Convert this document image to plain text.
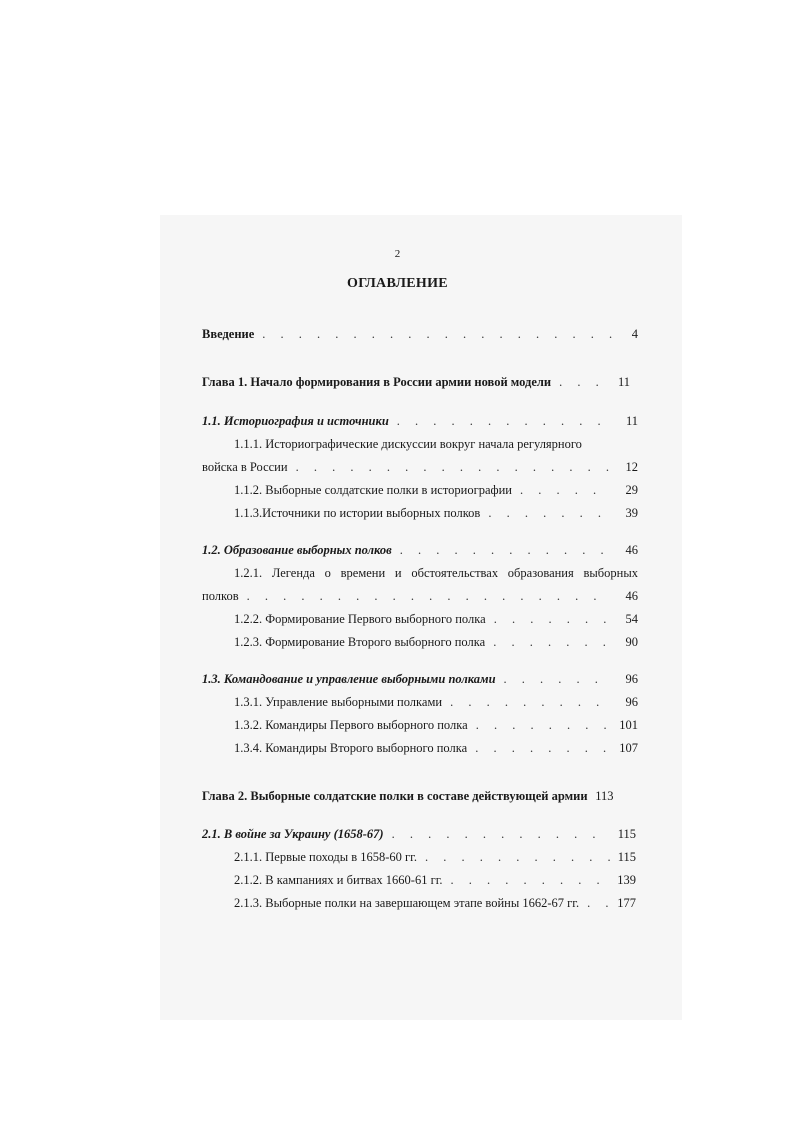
2
ОГЛАВЛЕНИЕ
Введение . . .	4
Глава 1. Начало формирования в России армии новой модели . . .	11
1.1. Историография и источники . . .	11
1.1.1. Историографические дискуссии вокруг начала регулярного
войска в России . . .	12
1.1.2. Выборные солдатские полки в историографии . . .	29
1.1.3.Источники по истории выборных полков . . .	39
1.2. Образование выборных полков . . .	46
1.2.1. Легенда о времени и обстоятельствах образования выборных
полков . . .	46
1.2.2. Формирование Первого выборного полка . . .	54
1.2.3. Формирование Второго выборного полка . . .	90
1.3. Командование и управление выборными полками . . .	96
1.3.1. Управление выборными полками . . .	96
1.3.2. Командиры Первого выборного полка . . .	101
1.3.4. Командиры Второго выборного полка . . .	107
Глава 2. Выборные солдатские полки в составе действующей армии 113
2.1. В войне за Украину (1658-67) . . .	115
2.1.1. Первые походы в 1658-60 гг. . . .	115
2.1.2. В кампаниях и битвах 1660-61 гг. . . .	139
2.1.3. Выборные полки на завершающем этапе войны 1662-67 гг. . . .	177
